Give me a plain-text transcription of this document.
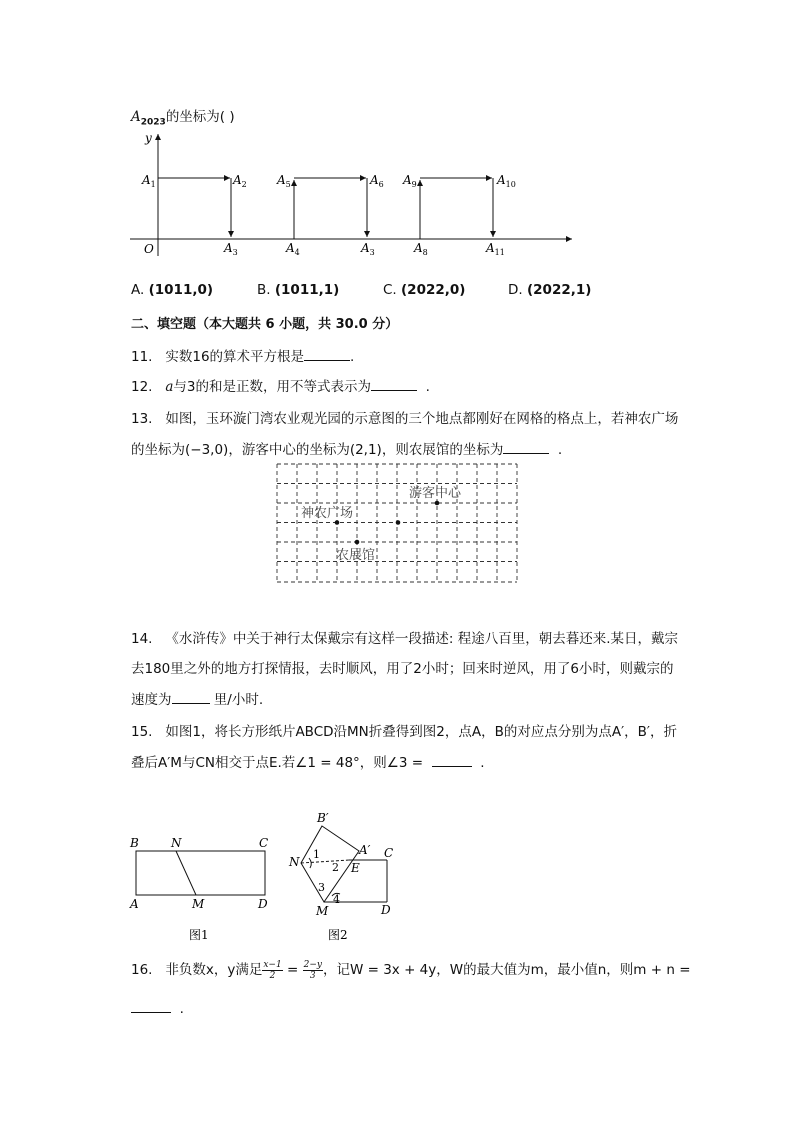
$A_{2023}$的坐标为( )
y
O
$A_1$	$A_2$
$A_3$	$A_4$
$A_5$	$A_6$
$A_3$	$A_8$
$A_9$	$A_{10}$
$A_{11}$
A. (1011,0)	B. (1011,1)	C. (2022,0)	D. (2022,1)
二、填空题（本大题共 6 小题，共 30.0 分）
11. 实数16的算术平方根是	.
12. a与3的和是正数，用不等式表示为	.
13. 如图，玉环漩门湾农业观光园的示意图的三个地点都刚好在网格的格点上，若神农广场
的坐标为(−3,0)，游客中心的坐标为(2,1)，则农展馆的坐标为	.
神农广场
游客中心
农展馆
14. 《水浒传》中关于神行太保戴宗有这样一段描述: 程途八百里，朝去暮还来.某日，戴宗
去180里之外的地方打探情报，去时顺风，用了2小时；回来时逆风，用了6小时，则戴宗的
速度为	里/小时.
15. 如图1，将长方形纸片ABCD沿MN折叠得到图2，点A，B的对应点分别为点A′，B′，折
叠后A′M与CN相交于点E.若∠1 = 48°，则∠3 =	.
B	N	C
A	M	D
图1
B′
A′ C
N	E
1
2
3
4
M	D
图2
16. 非负数x，y满足 $\frac{x-1}{2} = \frac{2-y}{3}$ ，记W = 3x + 4y，W的最大值为m，最小值n，则m + n =
.
